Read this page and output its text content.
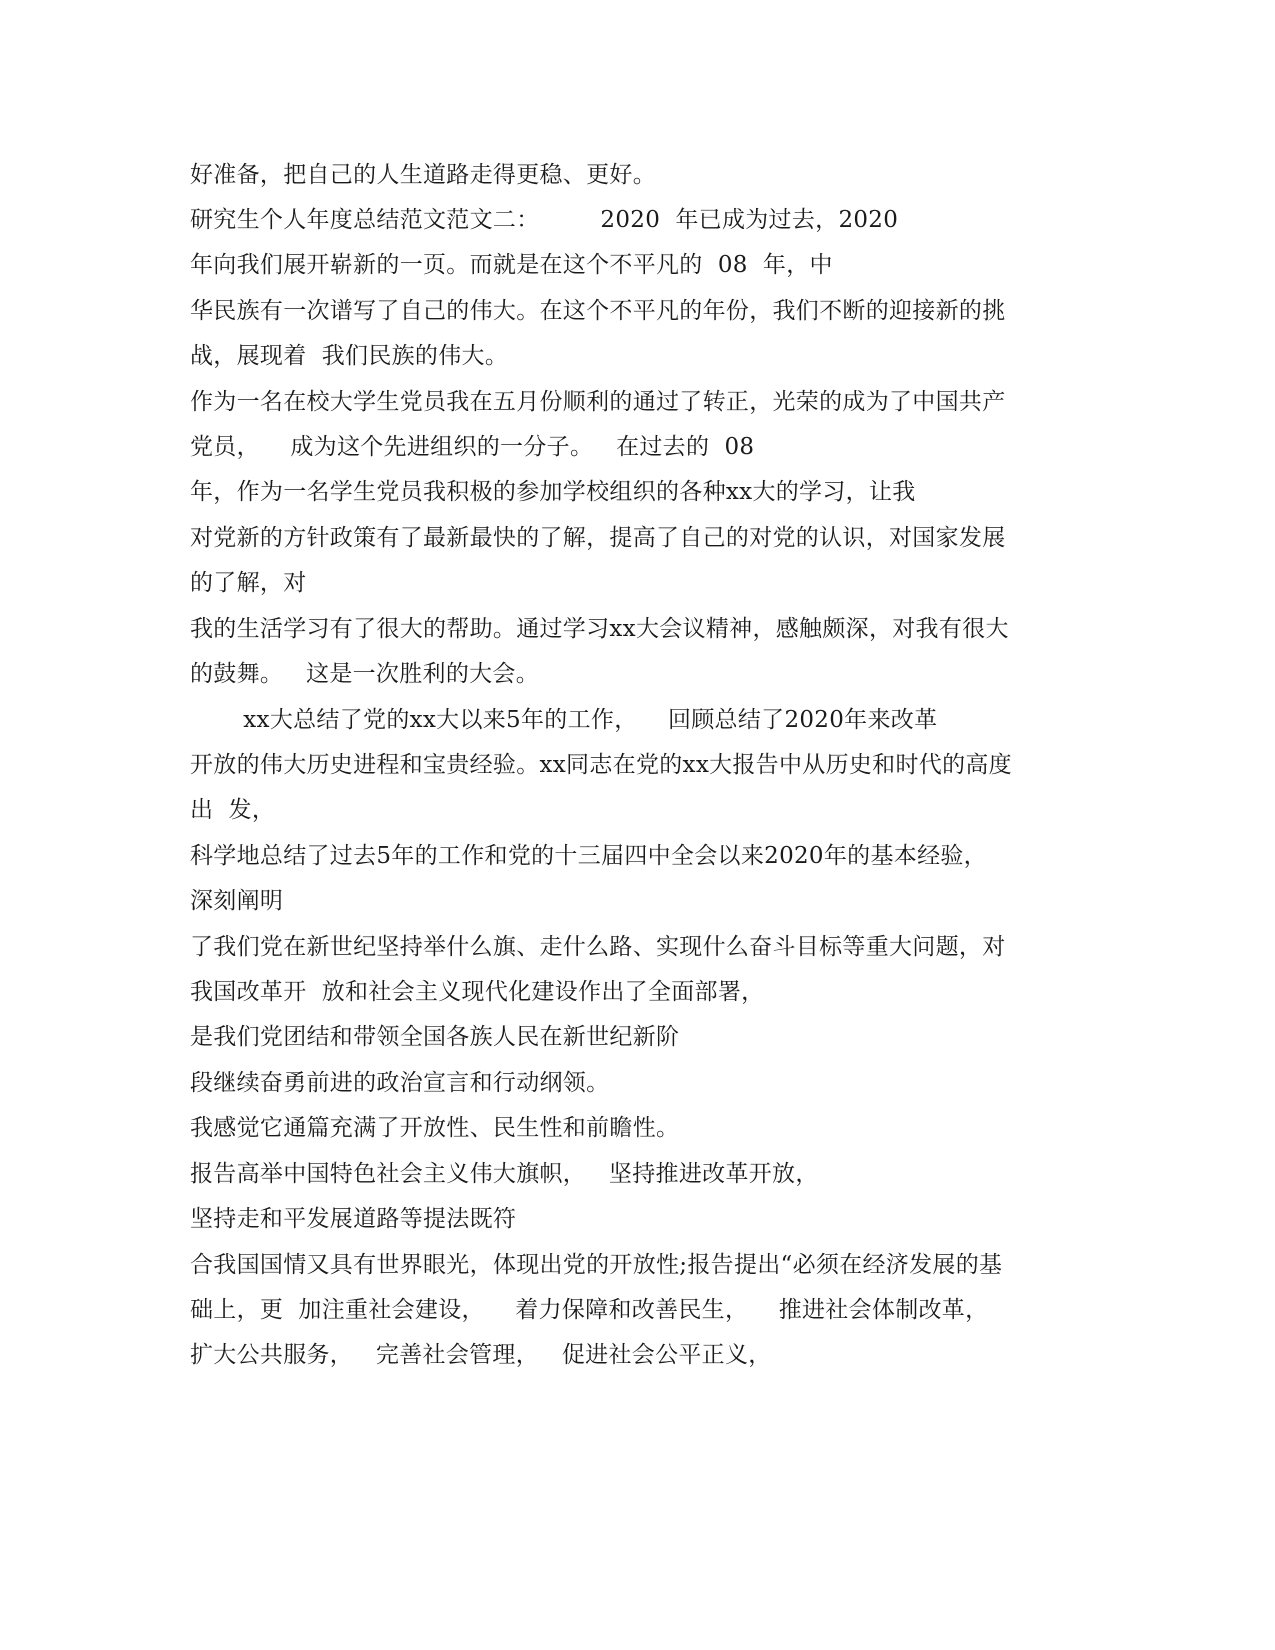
好准备，把自己的人生道路走得更稳、更好。
研究生个人年度总结范文范文二：        2020  年已成为过去，2020
年向我们展开崭新的一页。而就是在这个不平凡的  08  年，中
华民族有一次谱写了自己的伟大。在这个不平凡的年份，我们不断的迎接新的挑
战，展现着  我们民族的伟大。
作为一名在校大学生党员我在五月份顺利的通过了转正，光荣的成为了中国共产
党员，    成为这个先进组织的一分子。   在过去的  08
年，作为一名学生党员我积极的参加学校组织的各种xx大的学习，让我
对党新的方针政策有了最新最快的了解，提高了自己的对党的认识，对国家发展
的了解，对
我的生活学习有了很大的帮助。通过学习xx大会议精神，感触颇深，对我有很大
的鼓舞。   这是一次胜利的大会。
xx大总结了党的xx大以来5年的工作，    回顾总结了2020年来改革
开放的伟大历史进程和宝贵经验。xx同志在党的xx大报告中从历史和时代的高度
出  发，
科学地总结了过去5年的工作和党的十三届四中全会以来2020年的基本经验，
深刻阐明
了我们党在新世纪坚持举什么旗、走什么路、实现什么奋斗目标等重大问题，对
我国改革开  放和社会主义现代化建设作出了全面部署，
是我们党团结和带领全国各族人民在新世纪新阶
段继续奋勇前进的政治宣言和行动纲领。
我感觉它通篇充满了开放性、民生性和前瞻性。
报告高举中国特色社会主义伟大旗帜，   坚持推进改革开放，
坚持走和平发展道路等提法既符
合我国国情又具有世界眼光，体现出党的开放性;报告提出“必须在经济发展的基
础上，更  加注重社会建设，    着力保障和改善民生，    推进社会体制改革，
扩大公共服务，   完善社会管理，   促进社会公平正义，
